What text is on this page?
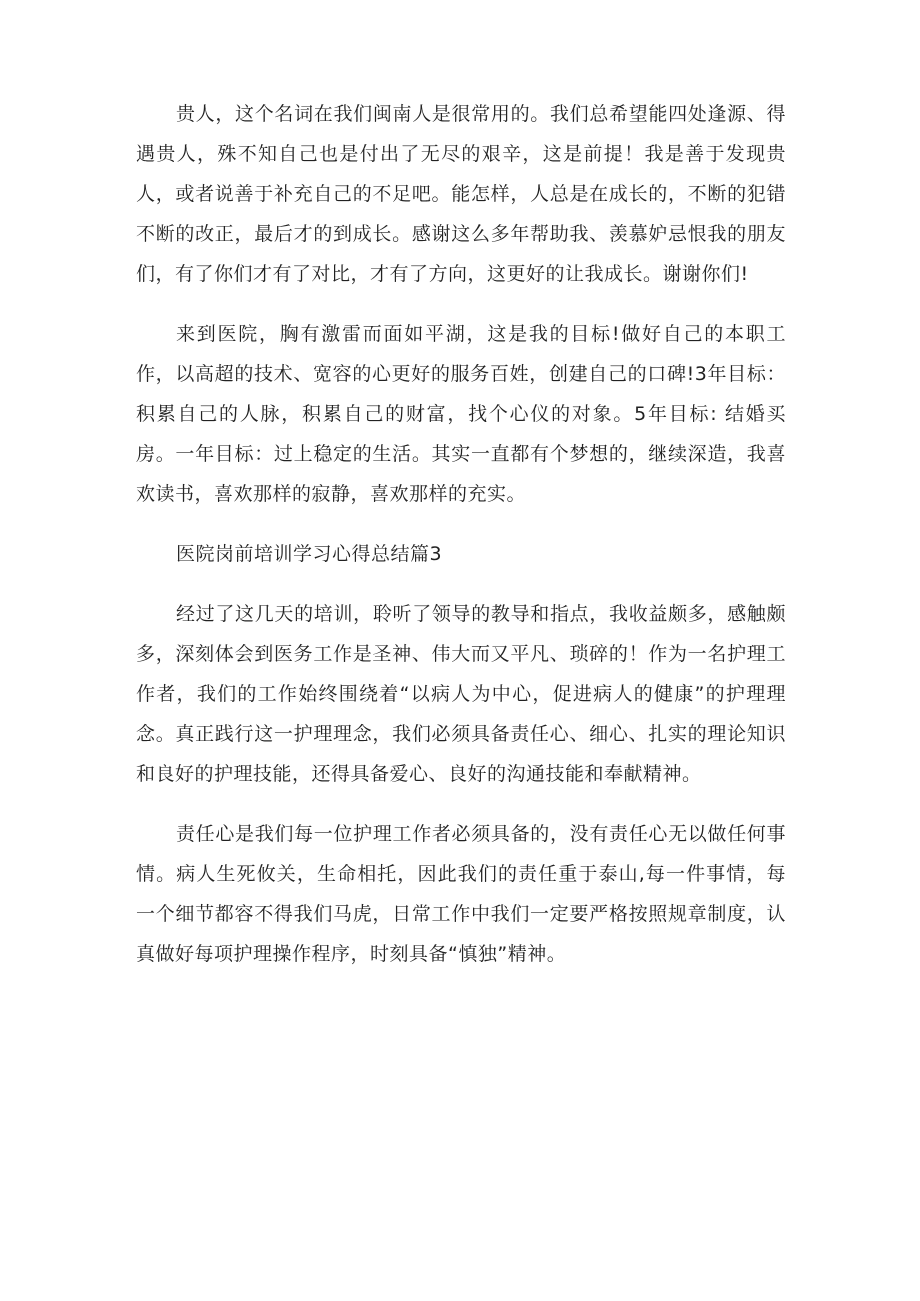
贵人，这个名词在我们闽南人是很常用的。我们总希望能四处逢源、得遇贵人，殊不知自己也是付出了无尽的艰辛，这是前提！我是善于发现贵人，或者说善于补充自己的不足吧。能怎样，人总是在成长的，不断的犯错不断的改正，最后才的到成长。感谢这么多年帮助我、羡慕妒忌恨我的朋友们，有了你们才有了对比，才有了方向，这更好的让我成长。谢谢你们!

来到医院，胸有激雷而面如平湖，这是我的目标!做好自己的本职工作，以高超的技术、宽容的心更好的服务百姓，创建自己的口碑!3年目标：积累自己的人脉，积累自己的财富，找个心仪的对象。5年目标: 结婚买房。一年目标：过上稳定的生活。其实一直都有个梦想的，继续深造，我喜欢读书，喜欢那样的寂静，喜欢那样的充实。

医院岗前培训学习心得总结篇3

经过了这几天的培训，聆听了领导的教导和指点，我收益颇多，感触颇多，深刻体会到医务工作是圣神、伟大而又平凡、琐碎的！作为一名护理工作者，我们的工作始终围绕着“以病人为中心，促进病人的健康”的护理理念。真正践行这一护理理念，我们必须具备责任心、细心、扎实的理论知识和良好的护理技能，还得具备爱心、良好的沟通技能和奉献精神。

责任心是我们每一位护理工作者必须具备的，没有责任心无以做任何事情。病人生死攸关，生命相托，因此我们的责任重于泰山,每一件事情，每一个细节都容不得我们马虎，日常工作中我们一定要严格按照规章制度，认真做好每项护理操作程序，时刻具备“慎独”精神。
